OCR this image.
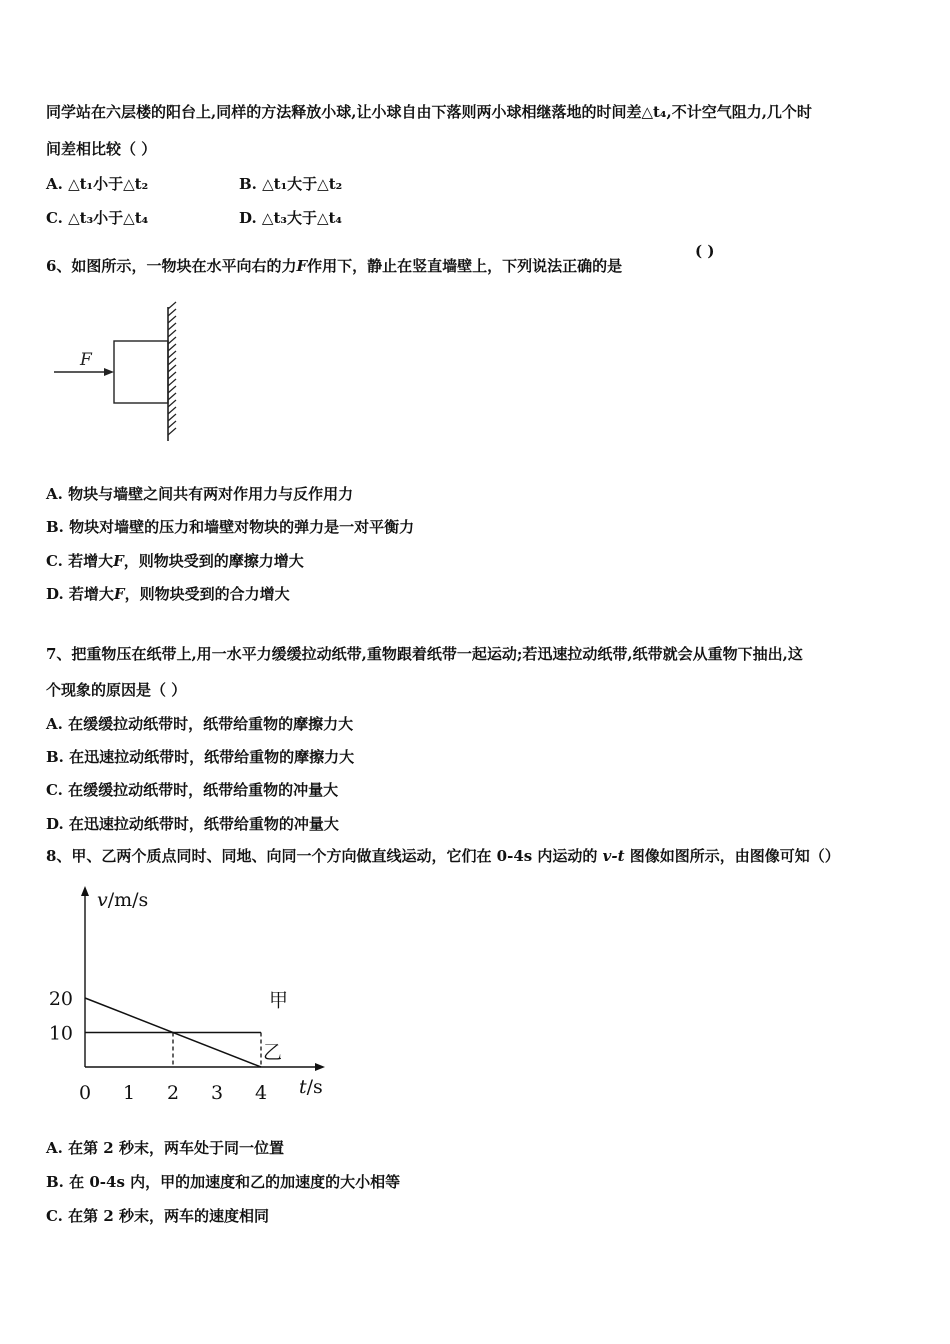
同学站在六层楼的阳台上,同样的方法释放小球,让小球自由下落则两小球相继落地的时间差△t₄,不计空气阻力,几个时
间差相比较（ ）
A. △t₁小于△t₂	B. △t₁大于△t₂
C. △t₃小于△t₄	D. △t₃大于△t₄
6、如图所示，一物块在水平向右的力F作用下，静止在竖直墙壁上，下列说法正确的是
( )
F
A. 物块与墙壁之间共有两对作用力与反作用力
B. 物块对墙壁的压力和墙壁对物块的弹力是一对平衡力
C. 若增大F，则物块受到的摩擦力增大
D. 若增大F，则物块受到的合力增大
7、把重物压在纸带上,用一水平力缓缓拉动纸带,重物跟着纸带一起运动;若迅速拉动纸带,纸带就会从重物下抽出,这
个现象的原因是（ ）
A. 在缓缓拉动纸带时，纸带给重物的摩擦力大
B. 在迅速拉动纸带时，纸带给重物的摩擦力大
C. 在缓缓拉动纸带时，纸带给重物的冲量大
D. 在迅速拉动纸带时，纸带给重物的冲量大
8、甲、乙两个质点同时、同地、向同一个方向做直线运动，它们在 0-4s 内运动的 v-t 图像如图所示，由图像可知（）
v/m/s
t/s
0 1 2 3 4
10
20	甲
乙
A. 在第 2 秒末，两车处于同一位置
B. 在 0-4s 内，甲的加速度和乙的加速度的大小相等
C. 在第 2 秒末，两车的速度相同
